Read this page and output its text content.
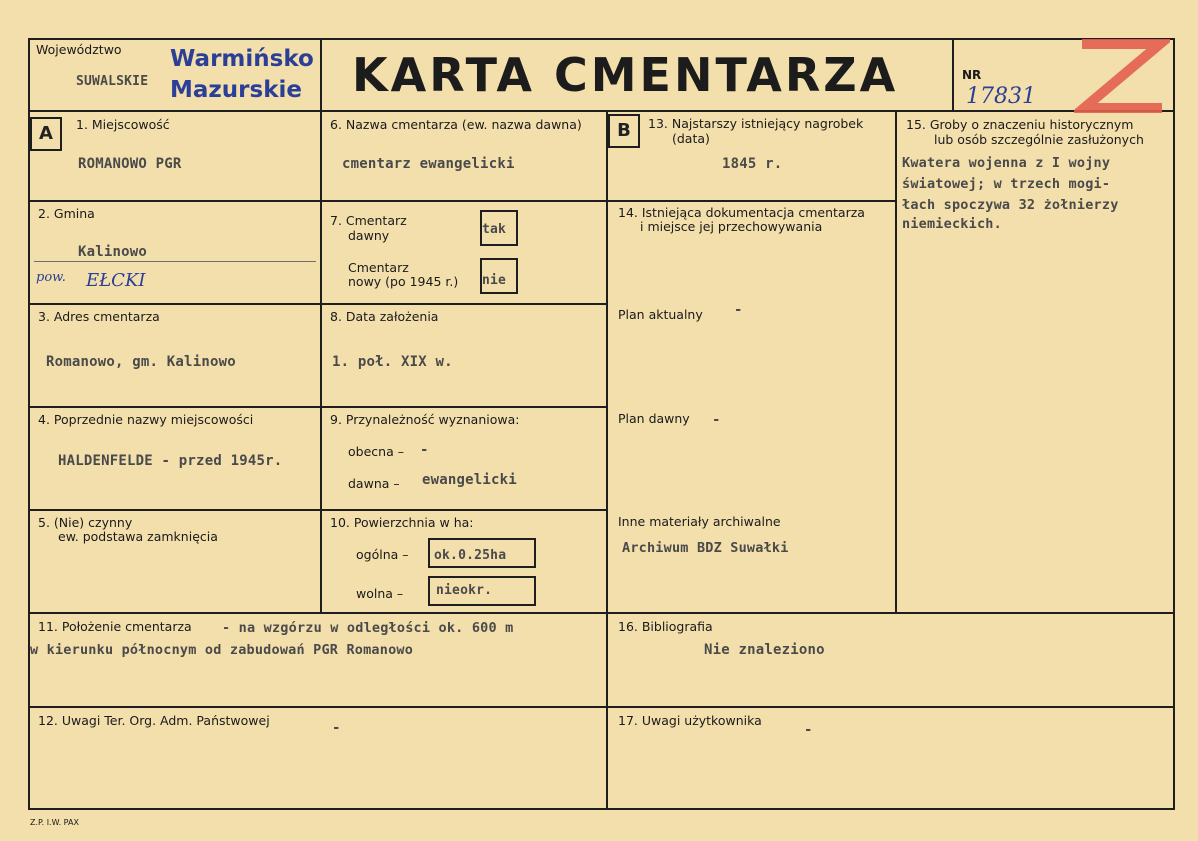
Województwo
SUWALSKIE
Warmińsko
Mazurskie KARTA CMENTARZA	NR
17831
A	B
1. Miejscowość
ROMANOWO PGR
2. Gmina
Kalinowo
pow. EŁCKI
3. Adres cmentarza
Romanowo, gm. Kalinowo
4. Poprzednie nazwy miejscowości
HALDENFELDE - przed 1945r.
5. (Nie) czynny
ew. podstawa zamknięcia
6. Nazwa cmentarza (ew. nazwa dawna)
cmentarz ewangelicki
7. Cmentarz
dawny	tak
Cmentarz
nowy (po 1945 r.) nie
8. Data założenia
1. poł. XIX w.
9. Przynależność wyznaniowa:
obecna – -
dawna – ewangelicki
10. Powierzchnia w ha:
ogólna – ok.0.25ha
wolna –	nieokr.
11. Położenie cmentarza - na wzgórzu w odległości ok. 600 m
w kierunku północnym od zabudowań PGR Romanowo
12. Uwagi Ter. Org. Adm. Państwowej	-
13. Najstarszy istniejący nagrobek
(data)
1845 r.
14. Istniejąca dokumentacja cmentarza
i miejsce jej przechowywania
Plan aktualny -
Plan dawny -
Inne materiały archiwalne
Archiwum BDZ Suwałki
15. Groby o znaczeniu historycznym
lub osób szczególnie zasłużonych
Kwatera wojenna z I wojny
światowej; w trzech mogi-
łach spoczywa 32 żołnierzy
niemieckich.
16. Bibliografia
Nie znaleziono
17. Uwagi użytkownika
-
Z.P. I.W. PAX
